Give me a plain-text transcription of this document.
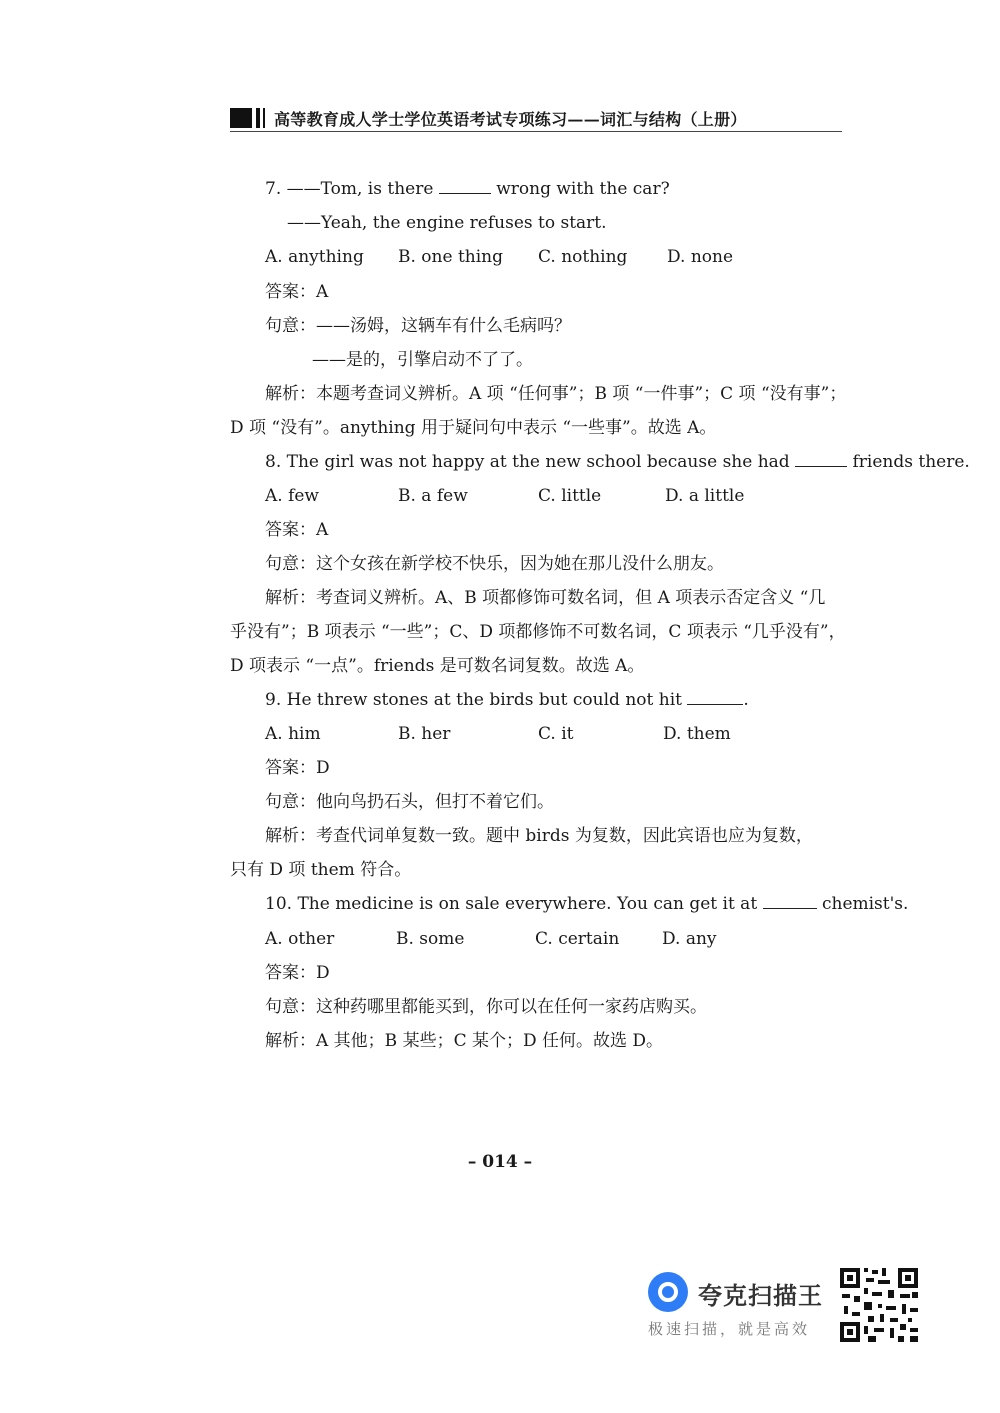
高等教育成人学士学位英语考试专项练习——词汇与结构（上册）
7. ——Tom, is there	wrong with the car?
——Yeah, the engine refuses to start.
A. anything B. one thing C. nothing D. none
答案：A
句意：——汤姆，这辆车有什么毛病吗？
——是的，引擎启动不了了。
解析：本题考查词义辨析。A 项 “任何事”；B 项 “一件事”；C 项 “没有事”；
D 项 “没有”。anything 用于疑问句中表示 “一些事”。故选 A。
8. The girl was not happy at the new school because she had	friends there.
A. few	B. a few	C. little	D. a little
答案：A
句意：这个女孩在新学校不快乐，因为她在那儿没什么朋友。
解析：考查词义辨析。A、B 项都修饰可数名词，但 A 项表示否定含义 “几
乎没有”；B 项表示 “一些”；C、D 项都修饰不可数名词，C 项表示 “几乎没有”，
D 项表示 “一点”。friends 是可数名词复数。故选 A。
9. He threw stones at the birds but could not hit	.
A. him	B. her	C. it	D. them
答案：D
句意：他向鸟扔石头，但打不着它们。
解析：考查代词单复数一致。题中 birds 为复数，因此宾语也应为复数，
只有 D 项 them 符合。
10. The medicine is on sale everywhere. You can get it at	chemist's.
A. other	B. some	C. certain	D. any
答案：D
句意：这种药哪里都能买到，你可以在任何一家药店购买。
解析：A 其他；B 某些；C 某个；D 任何。故选 D。
– 014 –
夸克扫描王
极速扫描，就是高效
